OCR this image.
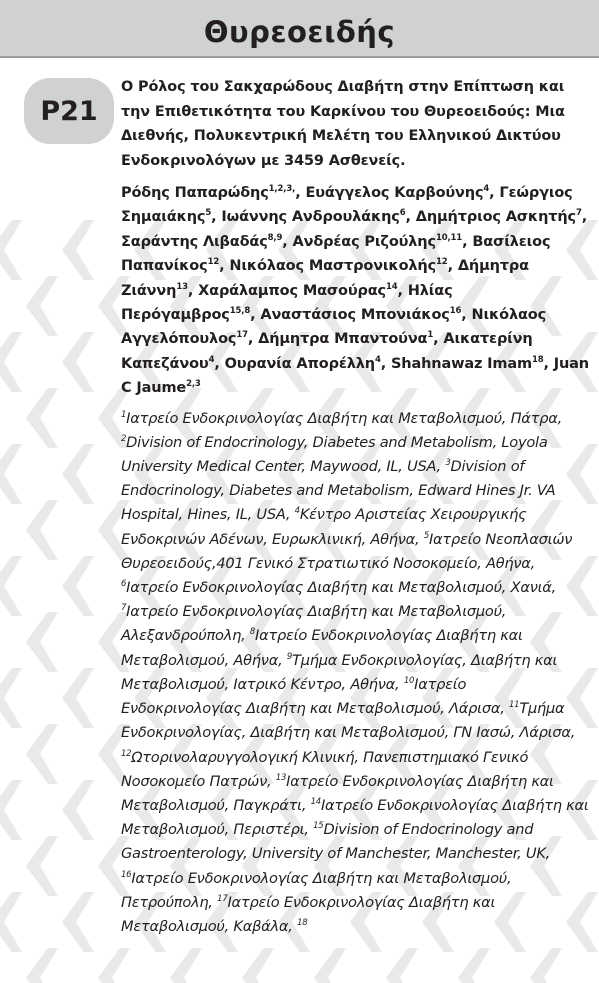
Θυρεοειδής
P21

Ο Ρόλος του Σακχαρώδους Διαβήτη στην Επίπτωση και την Επιθετικότητα του Καρκίνου του Θυρεοειδούς: Μια Διεθνής, Πολυκεντρική Μελέτη του Ελληνικού Δικτύου Ενδοκρινολόγων με 3459 Ασθενείς.

Ρόδης Παπαρώδης$^{1,2,3,}$, Ευάγγελος Καρβούνης$^4$, Γεώργιος Σημαιάκης$^5$, Ιωάννης Ανδρουλάκης$^6$, Δημήτριος Ασκητής$^7$, Σαράντης Λιβαδάς$^{8,9}$, Ανδρέας Ριζούλης$^{10,11}$, Βασίλειος Παπανίκος$^{12}$, Νικόλαος Μαστρονικολής$^{12}$, Δήμητρα Ζιάννη$^{13}$, Χαράλαμπος Μασούρας$^{14}$, Ηλίας Περόγαμβρος$^{15,8}$, Αναστάσιος Μπονιάκος$^{16}$, Νικόλαος Αγγελόπουλος$^{17}$, Δήμητρα Μπαντούνα$^1$, Αικατερίνη Καπεζάνου$^4$, Ουρανία Απορέλλη$^4$, Shahnawaz Imam$^{18}$, Juan C Jaume$^{2,3}$
$^1$Ιατρείο Ενδοκρινολογίας Διαβήτη και Μεταβολισμού, Πάτρα, $^2$Division of Endocrinology, Diabetes and Metabolism, Loyola University Medical Center, Maywood, IL, USA, $^3$Division of Endocrinology, Diabetes and Metabolism, Edward Hines Jr. VA Hospital, Hines, IL, USA, $^4$Κέντρο Αριστείας Χειρουργικής Ενδοκρινών Αδένων, Ευρωκλινική, Αθήνα, $^5$Ιατρείο Νεοπλασιών Θυρεοειδούς,401 Γενικό Στρατιωτικό Νοσοκομείο, Αθήνα, $^6$Ιατρείο Ενδοκρινολογίας Διαβήτη και Μεταβολισμού, Χανιά, $^7$Ιατρείο Ενδοκρινολογίας Διαβήτη και Μεταβολισμού, Αλεξανδρούπολη, $^8$Ιατρείο Ενδοκρινολογίας Διαβήτη και Μεταβολισμού, Αθήνα, $^9$Τμήμα Ενδοκρινολογίας, Διαβήτη και Μεταβολισμού, Ιατρικό Κέντρο, Αθήνα, $^{10}$Ιατρείο Ενδοκρινολογίας Διαβήτη και Μεταβολισμού, Λάρισα, $^{11}$Τμήμα Ενδοκρινολογίας, Διαβήτη και Μεταβολισμού, ΓΝ Ιασώ, Λάρισα, $^{12}$Ωτορινολαρυγγολογική Κλινική, Πανεπιστημιακό Γενικό Νοσοκομείο Πατρών, $^{13}$Ιατρείο Ενδοκρινολογίας Διαβήτη και Μεταβολισμού, Παγκράτι, $^{14}$Ιατρείο Ενδοκρινολογίας Διαβήτη και Μεταβολισμού, Περιστέρι, $^{15}$Division of Endocrinology and Gastroenterology, University of Manchester, Manchester, UK, $^{16}$Ιατρείο Ενδοκρινολογίας Διαβήτη και Μεταβολισμού, Πετρούπολη, $^{17}$Ιατρείο Ενδοκρινολογίας Διαβήτη και Μεταβολισμού, Καβάλα, $^{18}$
